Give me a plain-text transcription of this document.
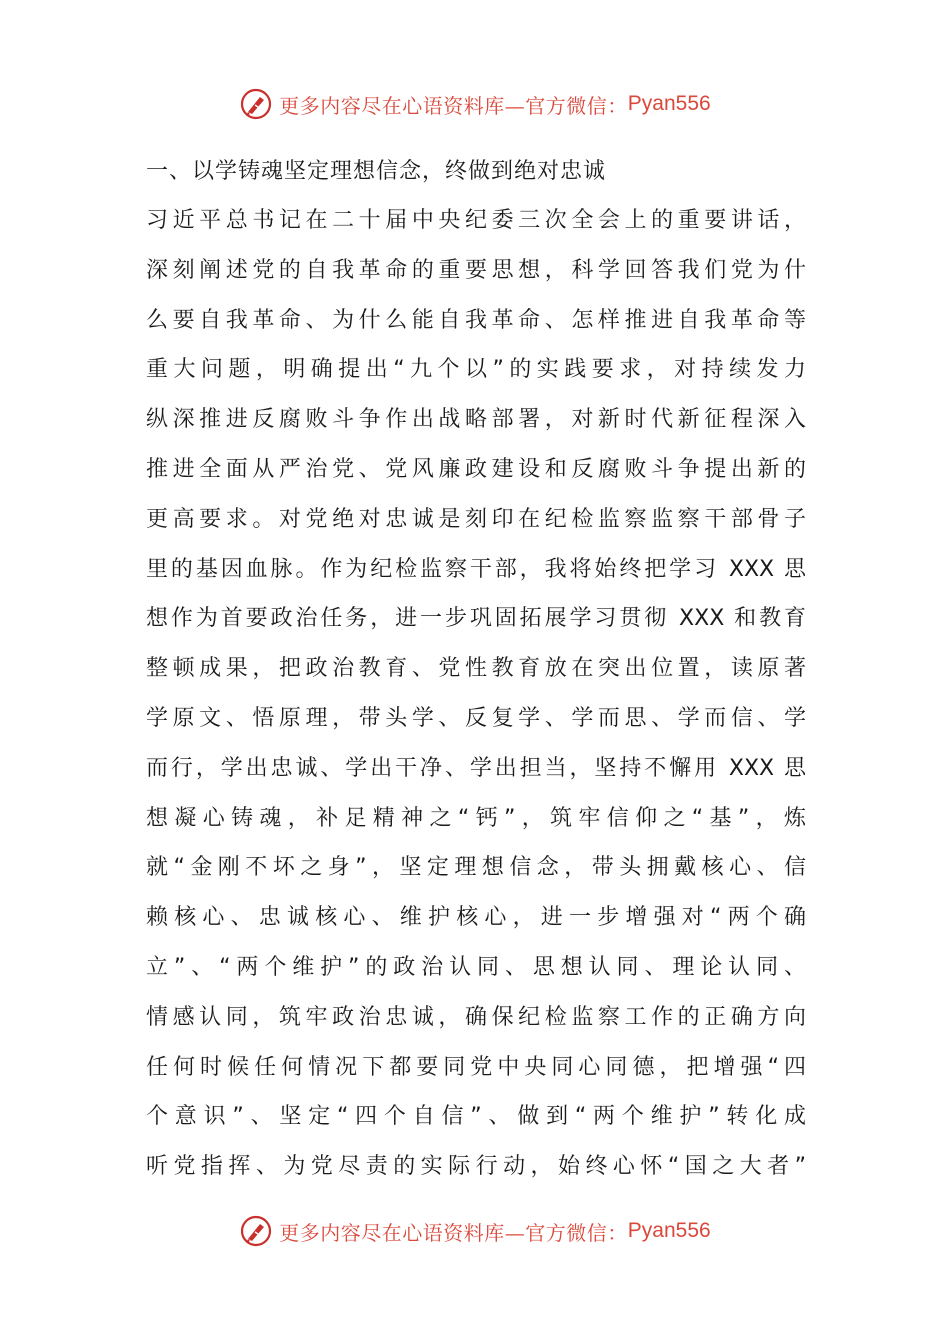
更多内容尽在心语资料库—官方微信： Pyan556
一、以学铸魂坚定理想信念，终做到绝对忠诚
习近平总书记在二十届中央纪委三次全会上的重要讲话，
深刻阐述党的自我革命的重要思想，科学回答我们党为什
么要自我革命、为什么能自我革命、怎样推进自我革命等
重大问题，明确提出“九个以”的实践要求，对持续发力
纵深推进反腐败斗争作出战略部署，对新时代新征程深入
推进全面从严治党、党风廉政建设和反腐败斗争提出新的
更高要求。对党绝对忠诚是刻印在纪检监察监察干部骨子
里的基因血脉。作为纪检监察干部，我将始终把学习 XXX 思
想作为首要政治任务，进一步巩固拓展学习贯彻 XXX 和教育
整顿成果，把政治教育、党性教育放在突出位置，读原著
学原文、悟原理，带头学、反复学、学而思、学而信、学
而行，学出忠诚、学出干净、学出担当，坚持不懈用 XXX 思
想凝心铸魂，补足精神之“钙”，筑牢信仰之“基”，炼
就“金刚不坏之身”，坚定理想信念，带头拥戴核心、信
赖核心、忠诚核心、维护核心，进一步增强对“两个确
立”、“两个维护”的政治认同、思想认同、理论认同、
情感认同，筑牢政治忠诚，确保纪检监察工作的正确方向
任何时候任何情况下都要同党中央同心同德，把增强“四
个意识”、坚定“四个自信”、做到“两个维护”转化成
听党指挥、为党尽责的实际行动，始终心怀“国之大者”
更多内容尽在心语资料库—官方微信： Pyan556
